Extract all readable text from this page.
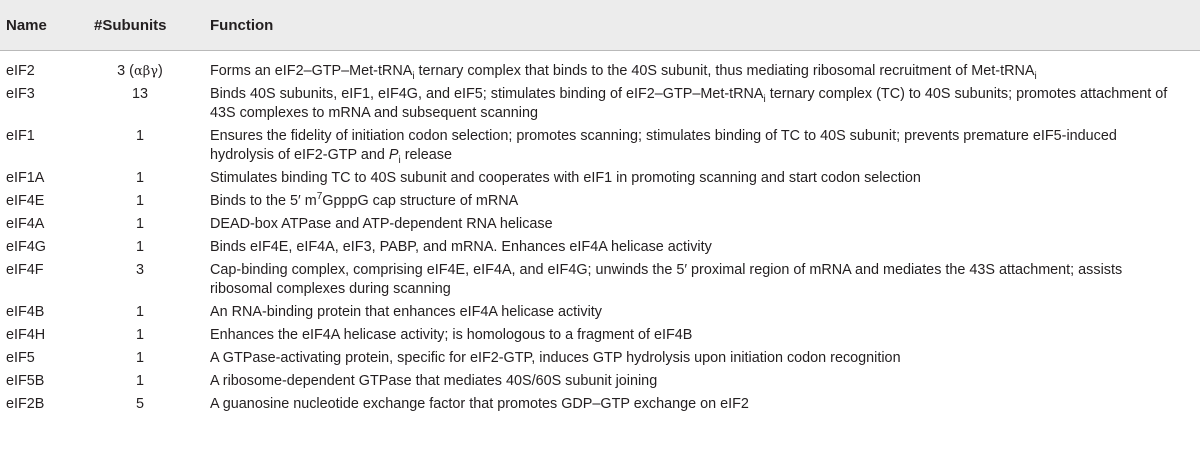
Name	#Subunits	Function
eIF2	3 (αβγ)	Forms an eIF2–GTP–Met-tRNA$_i$ ternary complex that binds to the 40S subunit, thus mediating ribosomal recruitment of Met-tRNA$_i$
eIF3	13	Binds 40S subunits, eIF1, eIF4G, and eIF5; stimulates binding of eIF2–GTP–Met-tRNA$_i$ ternary complex (TC) to 40S subunits; promotes attachment of 43S complexes to mRNA and subsequent scanning
eIF1	1	Ensures the fidelity of initiation codon selection; promotes scanning; stimulates binding of TC to 40S subunit; prevents premature eIF5-induced hydrolysis of eIF2-GTP and $P_i$ release
eIF1A	1	Stimulates binding TC to 40S subunit and cooperates with eIF1 in promoting scanning and start codon selection
eIF4E	1	Binds to the 5′ $m^7GpppG$ cap structure of mRNA
eIF4A	1	DEAD-box ATPase and ATP-dependent RNA helicase
eIF4G	1	Binds eIF4E, eIF4A, eIF3, PABP, and mRNA. Enhances eIF4A helicase activity
eIF4F	3	Cap-binding complex, comprising eIF4E, eIF4A, and eIF4G; unwinds the 5′ proximal region of mRNA and mediates the 43S attachment; assists ribosomal complexes during scanning
eIF4B	1	An RNA-binding protein that enhances eIF4A helicase activity
eIF4H	1	Enhances the eIF4A helicase activity; is homologous to a fragment of eIF4B
eIF5	1	A GTPase-activating protein, specific for eIF2-GTP, induces GTP hydrolysis upon initiation codon recognition
eIF5B	1	A ribosome-dependent GTPase that mediates 40S/60S subunit joining
eIF2B	5	A guanosine nucleotide exchange factor that promotes GDP–GTP exchange on eIF2
